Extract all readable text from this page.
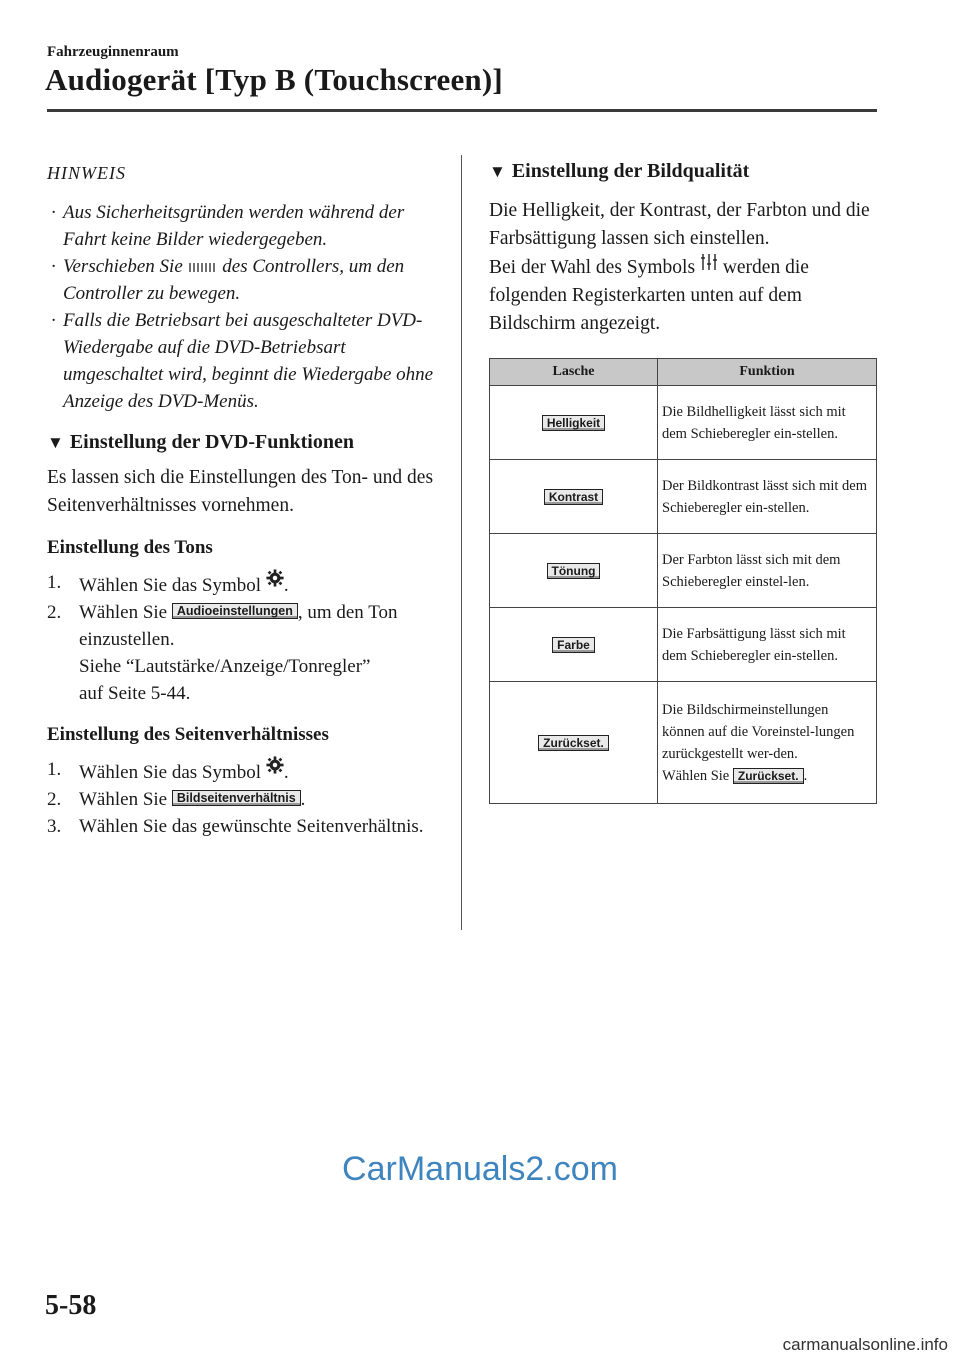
Fahrzeuginnenraum
Audiogerät [Typ B (Touchscreen)]
HINWEIS
· Aus Sicherheitsgründen werden während der Fahrt keine Bilder wiedergegeben.
· Verschieben Sie des Controllers, um den Controller zu bewegen.
· Falls die Betriebsart bei ausgeschalteter DVD-Wiedergabe auf die DVD-Betriebsart umgeschaltet wird, beginnt die Wiedergabe ohne Anzeige des DVD-Menüs.
▼ Einstellung der DVD-Funktionen

Es lassen sich die Einstellungen des Ton- und des Seitenverhältnisses vornehmen.

Einstellung des Tons
1. Wählen Sie das Symbol .
2. Wählen Sie Audioeinstellungen , um den Ton einzustellen.
Siehe “Lautstärke/Anzeige/Tonregler”
auf Seite 5-44.
Einstellung des Seitenverhältnisses
1. Wählen Sie das Symbol .
2. Wählen Sie Bildseitenverhältnis .
3. Wählen Sie das gewünschte Seitenverhältnis.
▼ Einstellung der Bildqualität

Die Helligkeit, der Kontrast, der Farbton und die Farbsättigung lassen sich einstellen.

Bei der Wahl des Symbols werden die folgenden Registerkarten unten auf dem Bildschirm angezeigt.

Lasche	Funktion
Helligkeit	Die Bildhelligkeit lässt sich mit dem Schieberegler ein-stellen.
Kontrast	Der Bildkontrast lässt sich mit dem Schieberegler ein-stellen.
Tönung	Der Farbton lässt sich mit dem Schieberegler einstel-len.
Farbe	Die Farbsättigung lässt sich mit dem Schieberegler ein-stellen.
Zurückset.	Die Bildschirmeinstellungen können auf die Voreinstel-lungen zurückgestellt wer-den.
Wählen Sie Zurückset. .
CarManuals2.com
5-58
carmanualsonline.info
